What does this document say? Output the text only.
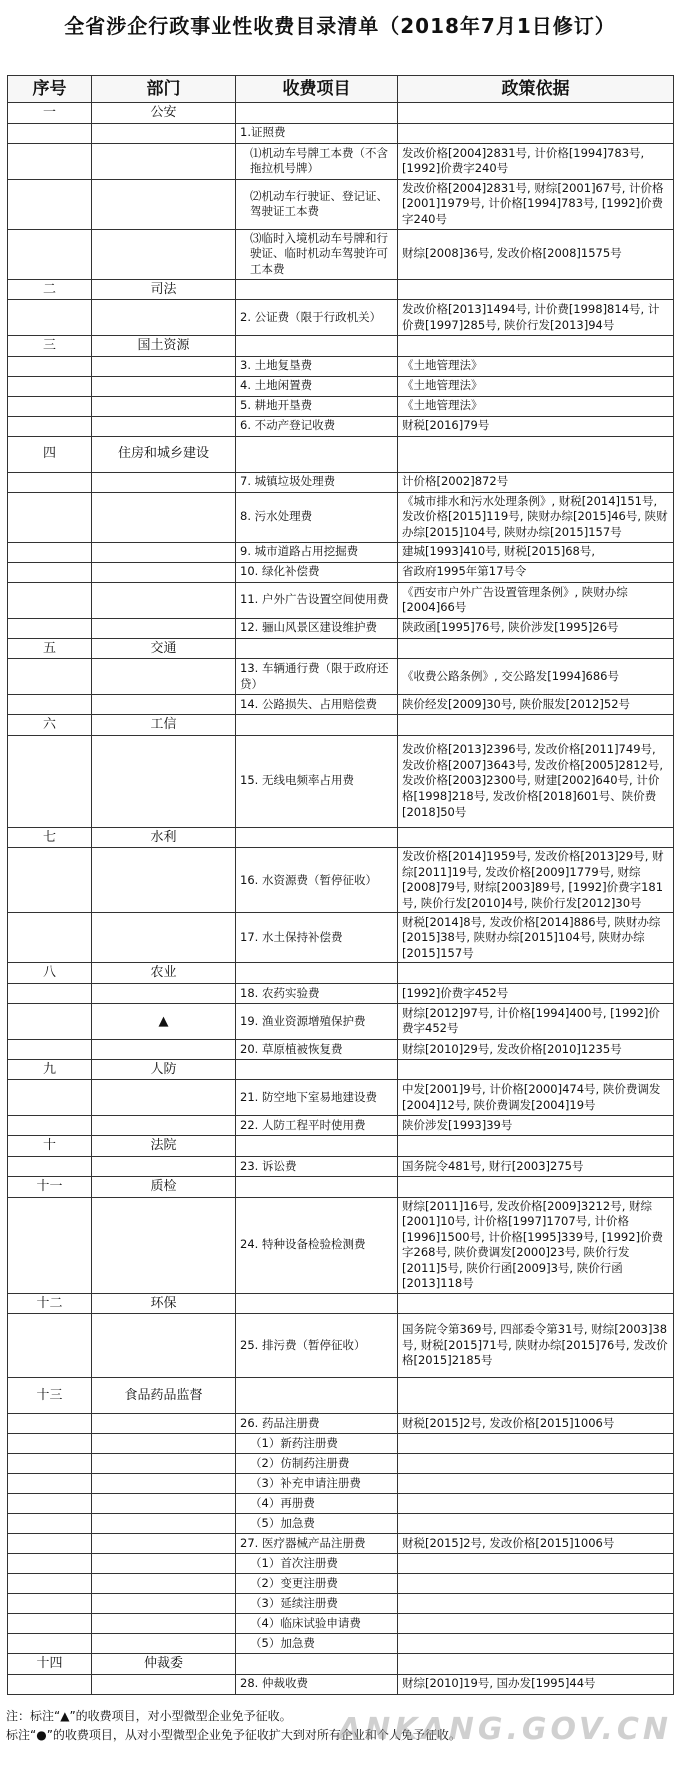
全省涉企行政事业性收费目录清单（2018年7月1日修订）
序号	部门	收费项目	政策依据
一	公安		
		1.证照费	
		⑴机动车号牌工本费（不含拖拉机号牌）	发改价格[2004]2831号, 计价格[1994]783号, [1992]价费字240号
		⑵机动车行驶证、登记证、驾驶证工本费	发改价格[2004]2831号, 财综[2001]67号, 计价格[2001]1979号, 计价格[1994]783号, [1992]价费字240号
		⑶临时入境机动车号牌和行驶证、临时机动车驾驶许可工本费	财综[2008]36号, 发改价格[2008]1575号
二	司法		
		2. 公证费（限于行政机关）	发改价格[2013]1494号, 计价费[1998]814号, 计价费[1997]285号, 陕价行发[2013]94号
三	国土资源		
		3. 土地复垦费	《土地管理法》
		4. 土地闲置费	《土地管理法》
		5. 耕地开垦费	《土地管理法》
		6. 不动产登记收费	财税[2016]79号
四	住房和城乡建设		
		7. 城镇垃圾处理费	计价格[2002]872号
		8. 污水处理费	《城市排水和污水处理条例》, 财税[2014]151号, 发改价格[2015]119号, 陕财办综[2015]46号, 陕财办综[2015]104号, 陕财办综[2015]157号
		9. 城市道路占用挖掘费	建城[1993]410号, 财税[2015]68号,
		10. 绿化补偿费	省政府1995年第17号令
		11. 户外广告设置空间使用费	《西安市户外广告设置管理条例》, 陕财办综[2004]66号
		12. 骊山风景区建设维护费	陕政函[1995]76号, 陕价涉发[1995]26号
五	交通		
		13. 车辆通行费（限于政府还贷）	《收费公路条例》, 交公路发[1994]686号
		14. 公路损失、占用赔偿费	陕价经发[2009]30号, 陕价服发[2012]52号
六	工信		
		15. 无线电频率占用费	发改价格[2013]2396号, 发改价格[2011]749号, 发改价格[2007]3643号, 发改价格[2005]2812号, 发改价格[2003]2300号, 财建[2002]640号, 计价格[1998]218号, 发改价格[2018]601号、陕价费[2018]50号
七	水利		
		16. 水资源费（暂停征收）	发改价格[2014]1959号, 发改价格[2013]29号, 财综[2011]19号, 发改价格[2009]1779号, 财综[2008]79号, 财综[2003]89号, [1992]价费字181号, 陕价行发[2010]4号, 陕价行发[2012]30号
		17. 水土保持补偿费	财税[2014]8号, 发改价格[2014]886号, 陕财办综[2015]38号, 陕财办综[2015]104号, 陕财办综[2015]157号
八	农业		
		18. 农药实验费	[1992]价费字452号
	▲	19. 渔业资源增殖保护费	财综[2012]97号, 计价格[1994]400号, [1992]价费字452号
		20. 草原植被恢复费	财综[2010]29号, 发改价格[2010]1235号
九	人防		
		21. 防空地下室易地建设费	中发[2001]9号, 计价格[2000]474号, 陕价费调发[2004]12号, 陕价费调发[2004]19号
		22. 人防工程平时使用费	陕价涉发[1993]39号
十	法院		
		23. 诉讼费	国务院令481号, 财行[2003]275号
十一	质检		
		24. 特种设备检验检测费	财综[2011]16号, 发改价格[2009]3212号, 财综[2001]10号, 计价格[1997]1707号, 计价格[1996]1500号, 计价格[1995]339号, [1992]价费字268号, 陕价费调发[2000]23号, 陕价行发[2011]5号, 陕价行函[2009]3号, 陕价行函[2013]118号
十二	环保		
		25. 排污费（暂停征收）	国务院令第369号, 四部委令第31号, 财综[2003]38号, 财税[2015]71号, 陕财办综[2015]76号, 发改价格[2015]2185号
十三	食品药品监督		
		26. 药品注册费	财税[2015]2号, 发改价格[2015]1006号
		（1）新药注册费	
		（2）仿制药注册费	
		（3）补充申请注册费	
		（4）再册费	
		（5）加急费	
		27. 医疗器械产品注册费	财税[2015]2号, 发改价格[2015]1006号
		（1）首次注册费	
		（2）变更注册费	
		（3）延续注册费	
		（4）临床试验申请费	
		（5）加急费	
十四	仲裁委		
		28. 仲裁收费	财综[2010]19号, 国办发[1995]44号
注：标注“▲”的收费项目，对小型微型企业免予征收。
标注“●”的收费项目，从对小型微型企业免予征收扩大到对所有企业和个人免予征收。
ANKANG.GOV.CN
